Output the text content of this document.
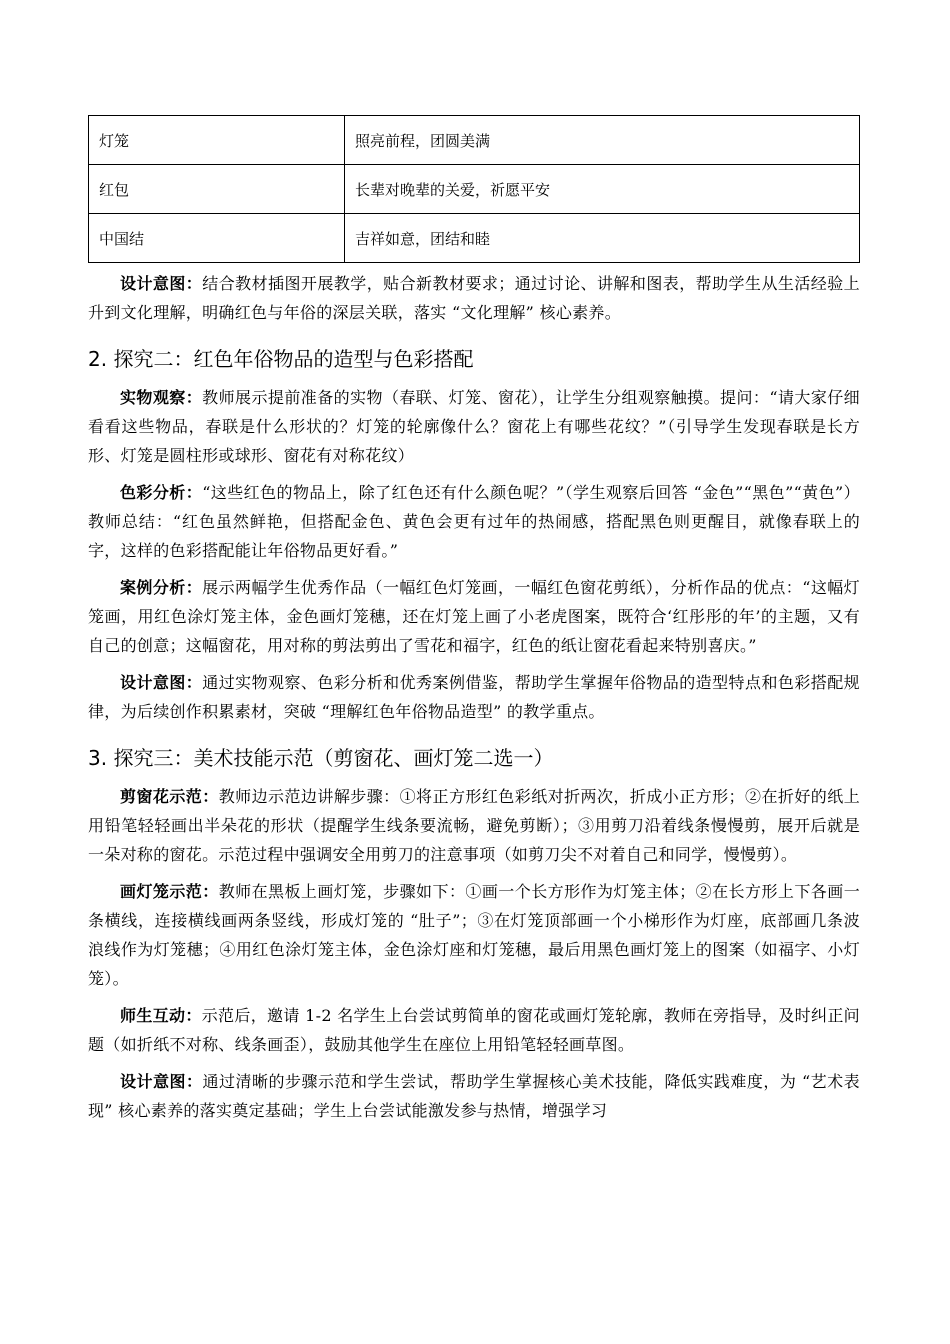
灯笼	照亮前程，团圆美满
红包	长辈对晚辈的关爱，祈愿平安
中国结	吉祥如意，团结和睦

设计意图：结合教材插图开展教学，贴合新教材要求；通过讨论、讲解和图表，帮助学生从生活经验上升到文化理解，明确红色与年俗的深层关联，落实 “文化理解” 核心素养。

2. 探究二：红色年俗物品的造型与色彩搭配

实物观察：教师展示提前准备的实物（春联、灯笼、窗花），让学生分组观察触摸。提问：“请大家仔细看看这些物品，春联是什么形状的？灯笼的轮廓像什么？窗花上有哪些花纹？”（引导学生发现春联是长方形、灯笼是圆柱形或球形、窗花有对称花纹）

色彩分析：“这些红色的物品上，除了红色还有什么颜色呢？”（学生观察后回答 “金色”“黑色”“黄色”）教师总结：“红色虽然鲜艳，但搭配金色、黄色会更有过年的热闹感，搭配黑色则更醒目，就像春联上的字，这样的色彩搭配能让年俗物品更好看。”

案例分析：展示两幅学生优秀作品（一幅红色灯笼画，一幅红色窗花剪纸），分析作品的优点：“这幅灯笼画，用红色涂灯笼主体，金色画灯笼穗，还在灯笼上画了小老虎图案，既符合‘红彤彤的年’的主题，又有自己的创意；这幅窗花，用对称的剪法剪出了雪花和福字，红色的纸让窗花看起来特别喜庆。”

设计意图：通过实物观察、色彩分析和优秀案例借鉴，帮助学生掌握年俗物品的造型特点和色彩搭配规律，为后续创作积累素材，突破 “理解红色年俗物品造型” 的教学重点。

3. 探究三：美术技能示范（剪窗花、画灯笼二选一）

剪窗花示范：教师边示范边讲解步骤：①将正方形红色彩纸对折两次，折成小正方形；②在折好的纸上用铅笔轻轻画出半朵花的形状（提醒学生线条要流畅，避免剪断）；③用剪刀沿着线条慢慢剪，展开后就是一朵对称的窗花。示范过程中强调安全用剪刀的注意事项（如剪刀尖不对着自己和同学，慢慢剪）。

画灯笼示范：教师在黑板上画灯笼，步骤如下：①画一个长方形作为灯笼主体；②在长方形上下各画一条横线，连接横线画两条竖线，形成灯笼的 “肚子”；③在灯笼顶部画一个小梯形作为灯座，底部画几条波浪线作为灯笼穗；④用红色涂灯笼主体，金色涂灯座和灯笼穗，最后用黑色画灯笼上的图案（如福字、小灯笼）。

师生互动：示范后，邀请 1-2 名学生上台尝试剪简单的窗花或画灯笼轮廓，教师在旁指导，及时纠正问题（如折纸不对称、线条画歪），鼓励其他学生在座位上用铅笔轻轻画草图。

设计意图：通过清晰的步骤示范和学生尝试，帮助学生掌握核心美术技能，降低实践难度，为 “艺术表现” 核心素养的落实奠定基础；学生上台尝试能激发参与热情，增强学习
